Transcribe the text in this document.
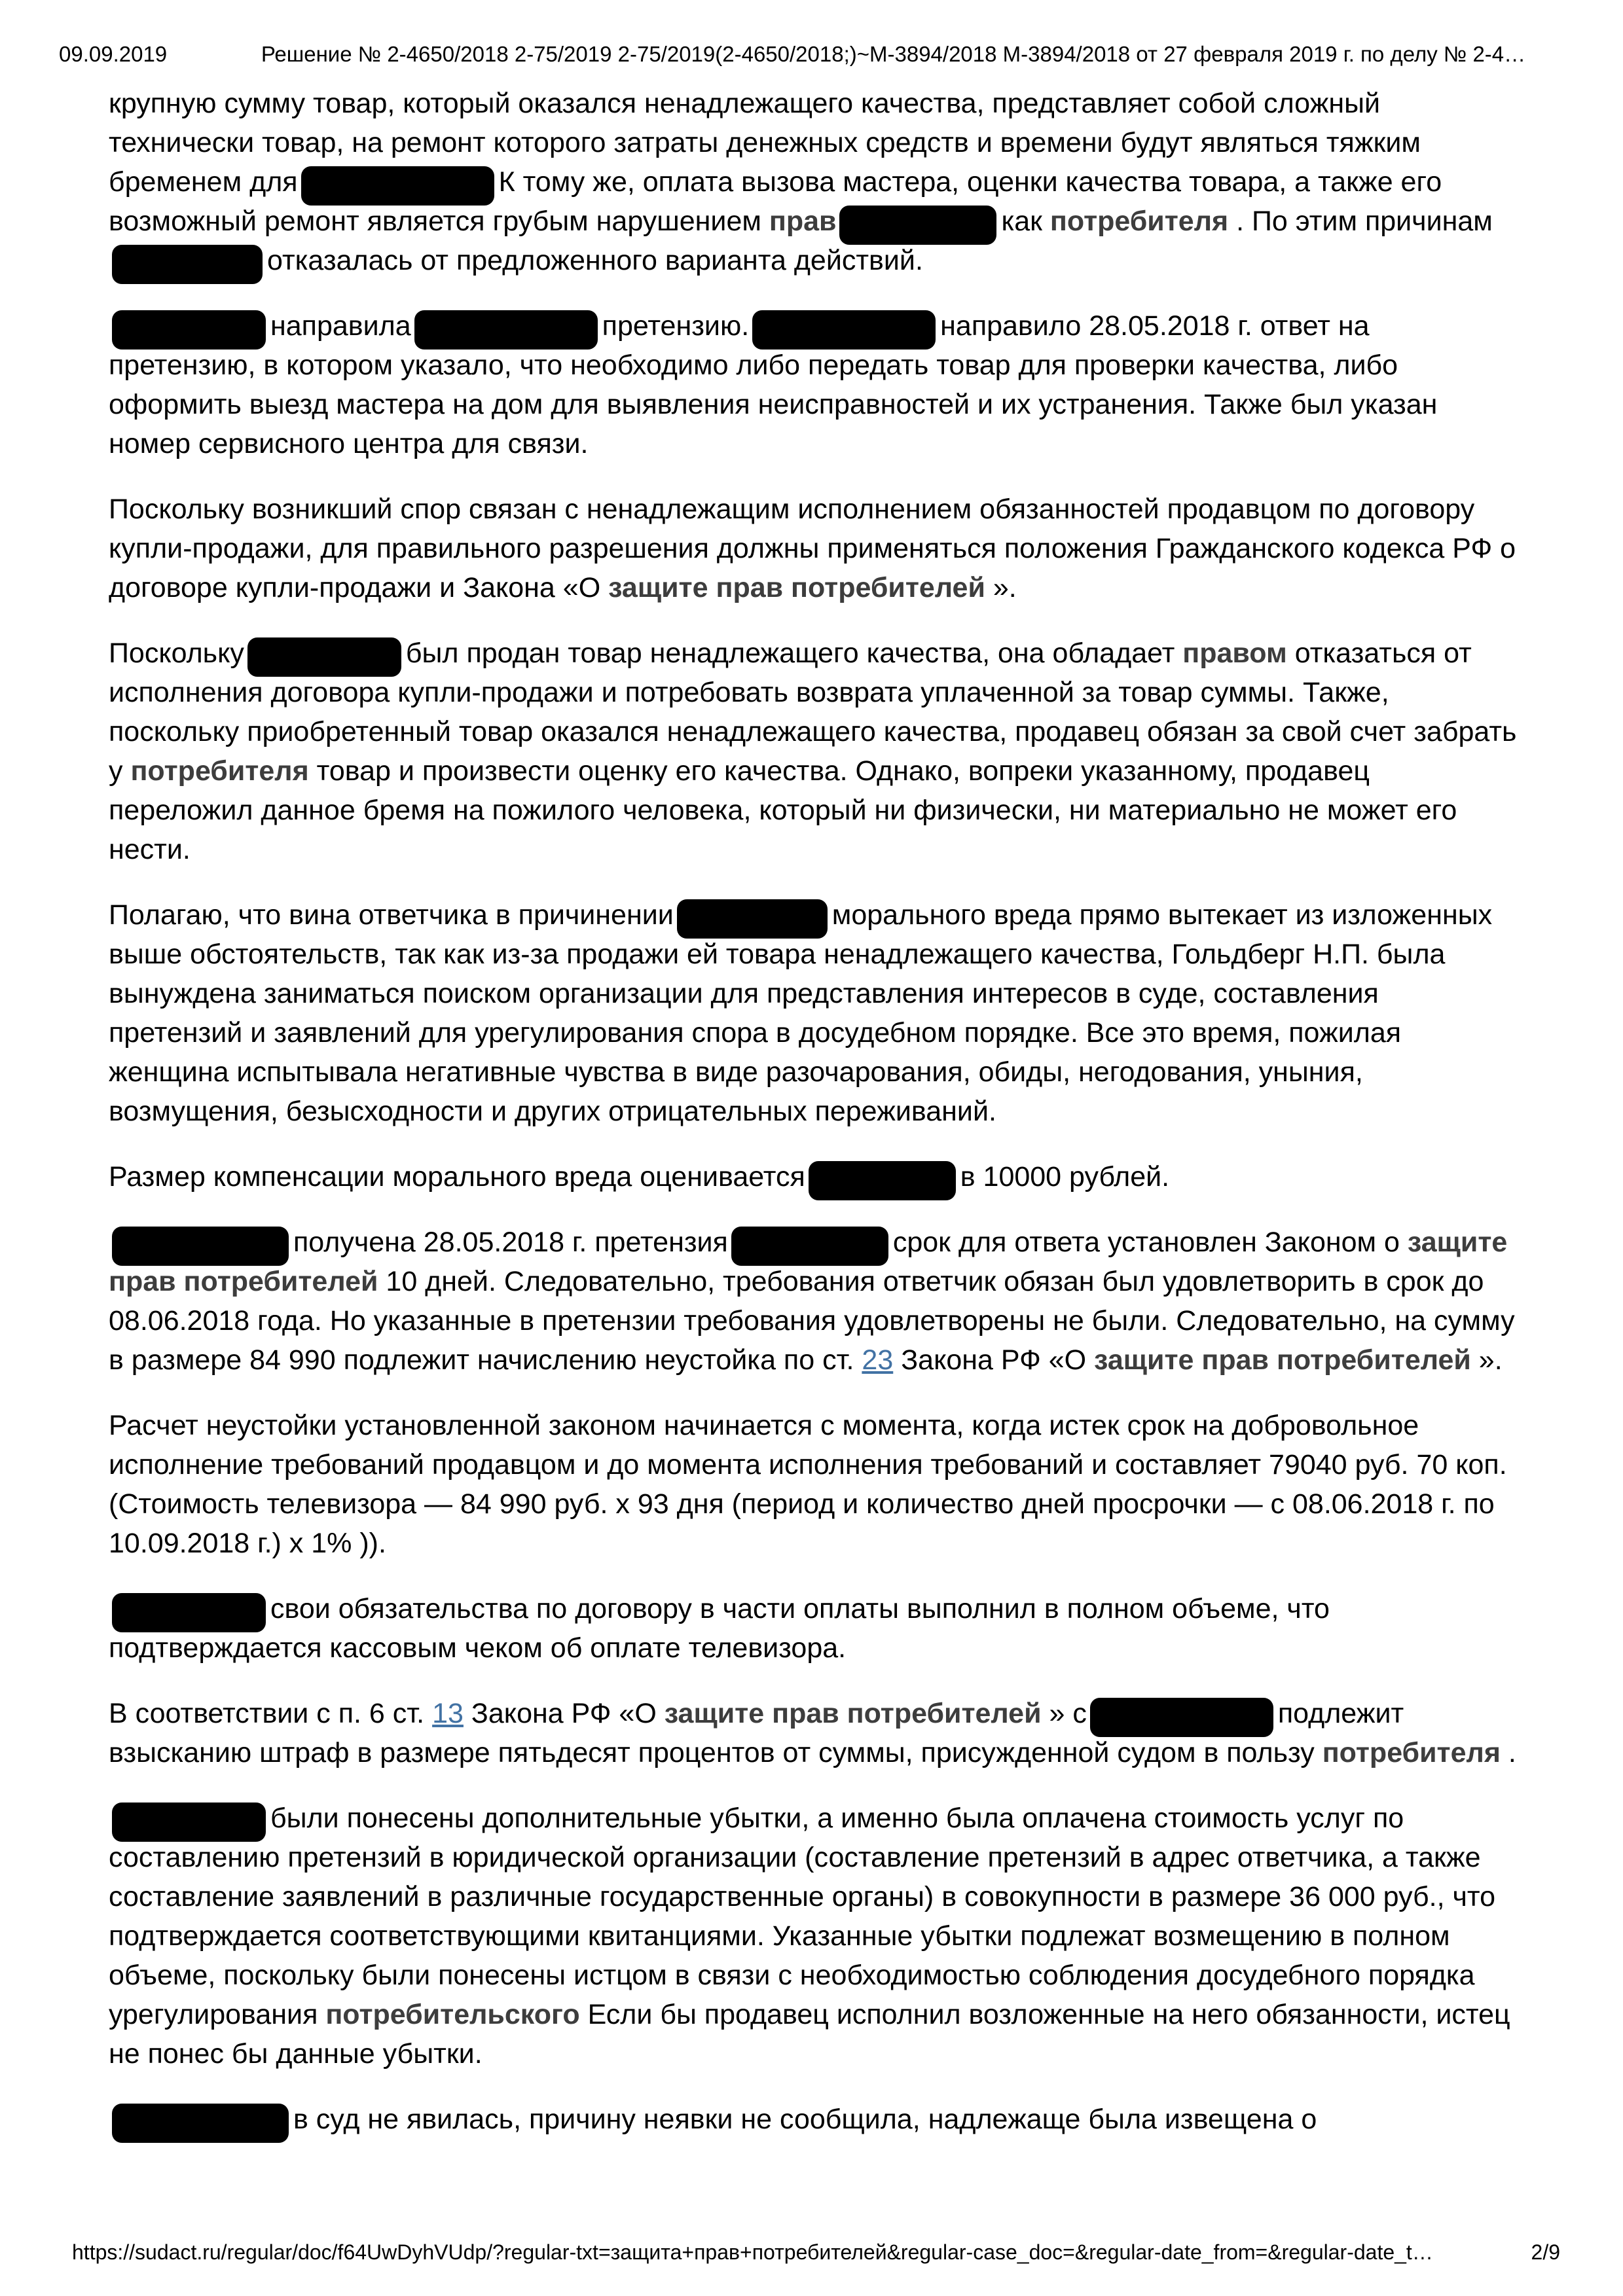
09.09.2019	Решение № 2-4650/2018 2-75/2019 2-75/2019(2-4650/2018;)~М-3894/2018 М-3894/2018 от 27 февраля 2019 г. по делу № 2-4…

крупную сумму товар, который оказался ненадлежащего качества, представляет собой сложный технически товар, на ремонт которого затраты денежных средств и времени будут являться тяжким бременем для	К тому же, оплата вызова мастера, оценки качества товара, а также его возможный ремонт является грубым нарушением прав	как потребителя . По этим причинамотказалась от предложенного варианта действий.

направила	претензию.	направило 28.05.2018 г. ответ на претензию, в котором указало, что необходимо либо передать товар для проверки качества, либо оформить выезд мастера на дом для выявления неисправностей и их устранения. Также был указан номер сервисного центра для связи.

Поскольку возникший спор связан с ненадлежащим исполнением обязанностей продавцом по договору купли-продажи, для правильного разрешения должны применяться положения Гражданского кодекса РФ о договоре купли-продажи и Закона «О защите прав потребителей ».

Поскольку	был продан товар ненадлежащего качества, она обладает правом отказаться от исполнения договора купли-продажи и потребовать возврата уплаченной за товар суммы. Также, поскольку приобретенный товар оказался ненадлежащего качества, продавец обязан за свой счет забрать у потребителя товар и произвести оценку его качества. Однако, вопреки указанному, продавец переложил данное бремя на пожилого человека, который ни физически, ни материально не может его нести.

Полагаю, что вина ответчика в причинении	морального вреда прямо вытекает из изложенных выше обстоятельств, так как из-за продажи ей товара ненадлежащего качества, Гольдберг Н.П. была вынуждена заниматься поиском организации для представления интересов в суде, составления претензий и заявлений для урегулирования спора в досудебном порядке. Все это время, пожилая женщина испытывала негативные чувства в виде разочарования, обиды, негодования, уныния, возмущения, безысходности и других отрицательных переживаний.

Размер компенсации морального вреда оценивается	в 10000 рублей.

получена 28.05.2018 г. претензия	срок для ответа установлен Законом о защите прав потребителей 10 дней. Следовательно, требования ответчик обязан был удовлетворить в срок до 08.06.2018 года. Но указанные в претензии требования удовлетворены не были. Следовательно, на сумму в размере 84 990 подлежит начислению неустойка по ст. 23 Закона РФ «О защите прав потребителей ».

Расчет неустойки установленной законом начинается с момента, когда истек срок на добровольное исполнение требований продавцом и до момента исполнения требований и составляет 79040 руб. 70 коп. (Стоимость телевизора — 84 990 руб. х 93 дня (период и количество дней просрочки — с 08.06.2018 г. по 10.09.2018 г.) х 1% )).

свои обязательства по договору в части оплаты выполнил в полном объеме, что подтверждается кассовым чеком об оплате телевизора.

В соответствии с п. 6 ст. 13 Закона РФ «О защите прав потребителей » с	подлежит взысканию штраф в размере пятьдесят процентов от суммы, присужденной судом в пользу потребителя .

были понесены дополнительные убытки, а именно была оплачена стоимость услуг по составлению претензий в юридической организации (составление претензий в адрес ответчика, а также составление заявлений в различные государственные органы) в совокупности в размере 36 000 руб., что подтверждается соответствующими квитанциями. Указанные убытки подлежат возмещению в полном объеме, поскольку были понесены истцом в связи с необходимостью соблюдения досудебного порядка урегулирования потребительского Если бы продавец исполнил возложенные на него обязанности, истец не понес бы данные убытки.

в суд не явилась, причину неявки не сообщила, надлежаще была извещена о

https://sudact.ru/regular/doc/f64UwDyhVUdp/?regular-txt=защита+прав+потребителей&regular-case_doc=&regular-date_from=&regular-date_t…	2/9
